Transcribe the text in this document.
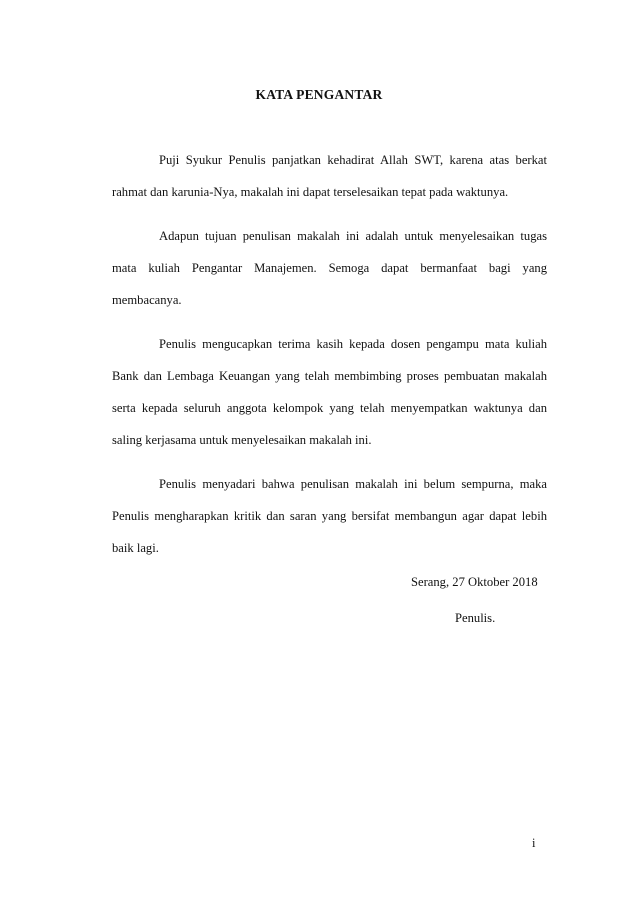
KATA PENGANTAR

Puji Syukur Penulis panjatkan kehadirat Allah SWT, karena atas berkat rahmat dan karunia-Nya, makalah ini dapat terselesaikan tepat pada waktunya.

Adapun tujuan penulisan makalah ini adalah untuk menyelesaikan tugas mata kuliah Pengantar Manajemen. Semoga dapat bermanfaat bagi yang membacanya.

Penulis mengucapkan terima kasih kepada dosen pengampu mata kuliah Bank dan Lembaga Keuangan yang telah membimbing proses pembuatan makalah serta kepada seluruh anggota kelompok yang telah menyempatkan waktunya dan saling kerjasama untuk menyelesaikan makalah ini.

Penulis menyadari bahwa penulisan makalah ini belum sempurna, maka Penulis mengharapkan kritik dan saran yang bersifat membangun agar dapat lebih baik lagi.

Serang, 27 Oktober 2018
Penulis.
i
